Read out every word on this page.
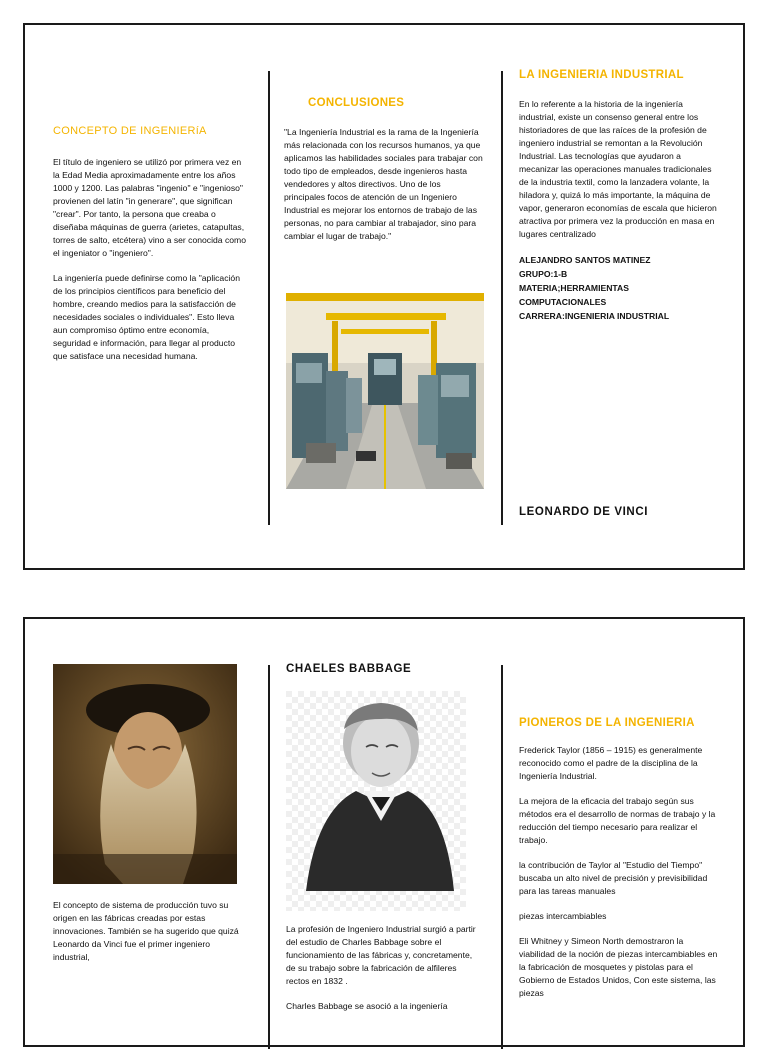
CONCEPTO DE INGENIERíA

El título de ingeniero se utilizó por primera vez en la Edad Media aproximadamente entre los años 1000 y 1200. Las palabras "ingenio" e "ingenioso" provienen del latín "in generare", que significan "crear". Por tanto, la persona que creaba o diseñaba máquinas de guerra (arietes, catapultas, torres de salto, etcétera) vino a ser conocida como el ingeniator o "ingeniero".

La ingeniería puede definirse como la "aplicación de los principios científicos para beneficio del hombre, creando medios para la satisfacción de necesidades sociales o individuales". Esto lleva aun compromiso óptimo entre economía, seguridad e información, para llegar al producto que satisface una necesidad humana.

CONCLUSIONES

"La Ingeniería Industrial es la rama de la Ingeniería más relacionada con los recursos humanos, ya que aplicamos las habilidades sociales para trabajar con todo tipo de empleados, desde ingenieros hasta vendedores y altos directivos. Uno de los principales focos de atención de un Ingeniero Industrial es mejorar los entornos de trabajo de las personas, no para cambiar al trabajador, sino para cambiar el lugar de trabajo."

LA INGENIERIA INDUSTRIAL

En lo referente a la historia de la ingeniería industrial, existe un consenso general entre los historiadores de que las raíces de la profesión de ingeniero industrial se remontan a la Revolución Industrial. Las tecnologías que ayudaron a mecanizar las operaciones manuales tradicionales de la industria textil, como la lanzadera volante, la hiladora y, quizá lo más importante, la máquina de vapor, generaron economías de escala que hicieron atractiva por primera vez la producción en masa en lugares centralizado

ALEJANDRO SANTOS MATINEZ
GRUPO:1-B
MATERIA;HERRAMIENTAS
COMPUTACIONALES
CARRERA:INGENIERIA INDUSTRIAL
LEONARDO DE VINCI

El concepto de sistema de producción tuvo su origen en las fábricas creadas por estas innovaciones. También se ha sugerido que quizá Leonardo da Vinci fue el primer ingeniero industrial,

CHAELES BABBAGE

La profesión de Ingeniero Industrial surgió a partir del estudio de Charles Babbage sobre el funcionamiento de las fábricas y, concretamente, de su trabajo sobre la fabricación de alfileres rectos en 1832 .

Charles Babbage se asoció a la ingeniería

PIONEROS DE LA INGENIERIA

Frederick Taylor (1856 – 1915) es generalmente reconocido como el padre de la disciplina de la Ingeniería Industrial.

La mejora de la eficacia del trabajo según sus métodos era el desarrollo de normas de trabajo y la reducción del tiempo necesario para realizar el trabajo.

la contribución de Taylor al "Estudio del Tiempo" buscaba un alto nivel de precisión y previsibilidad para las tareas manuales

piezas intercambiables

Eli Whitney y Simeon North demostraron la viabilidad de la noción de piezas intercambiables en la fabricación de mosquetes y pistolas para el Gobierno de Estados Unidos, Con este sistema, las piezas
